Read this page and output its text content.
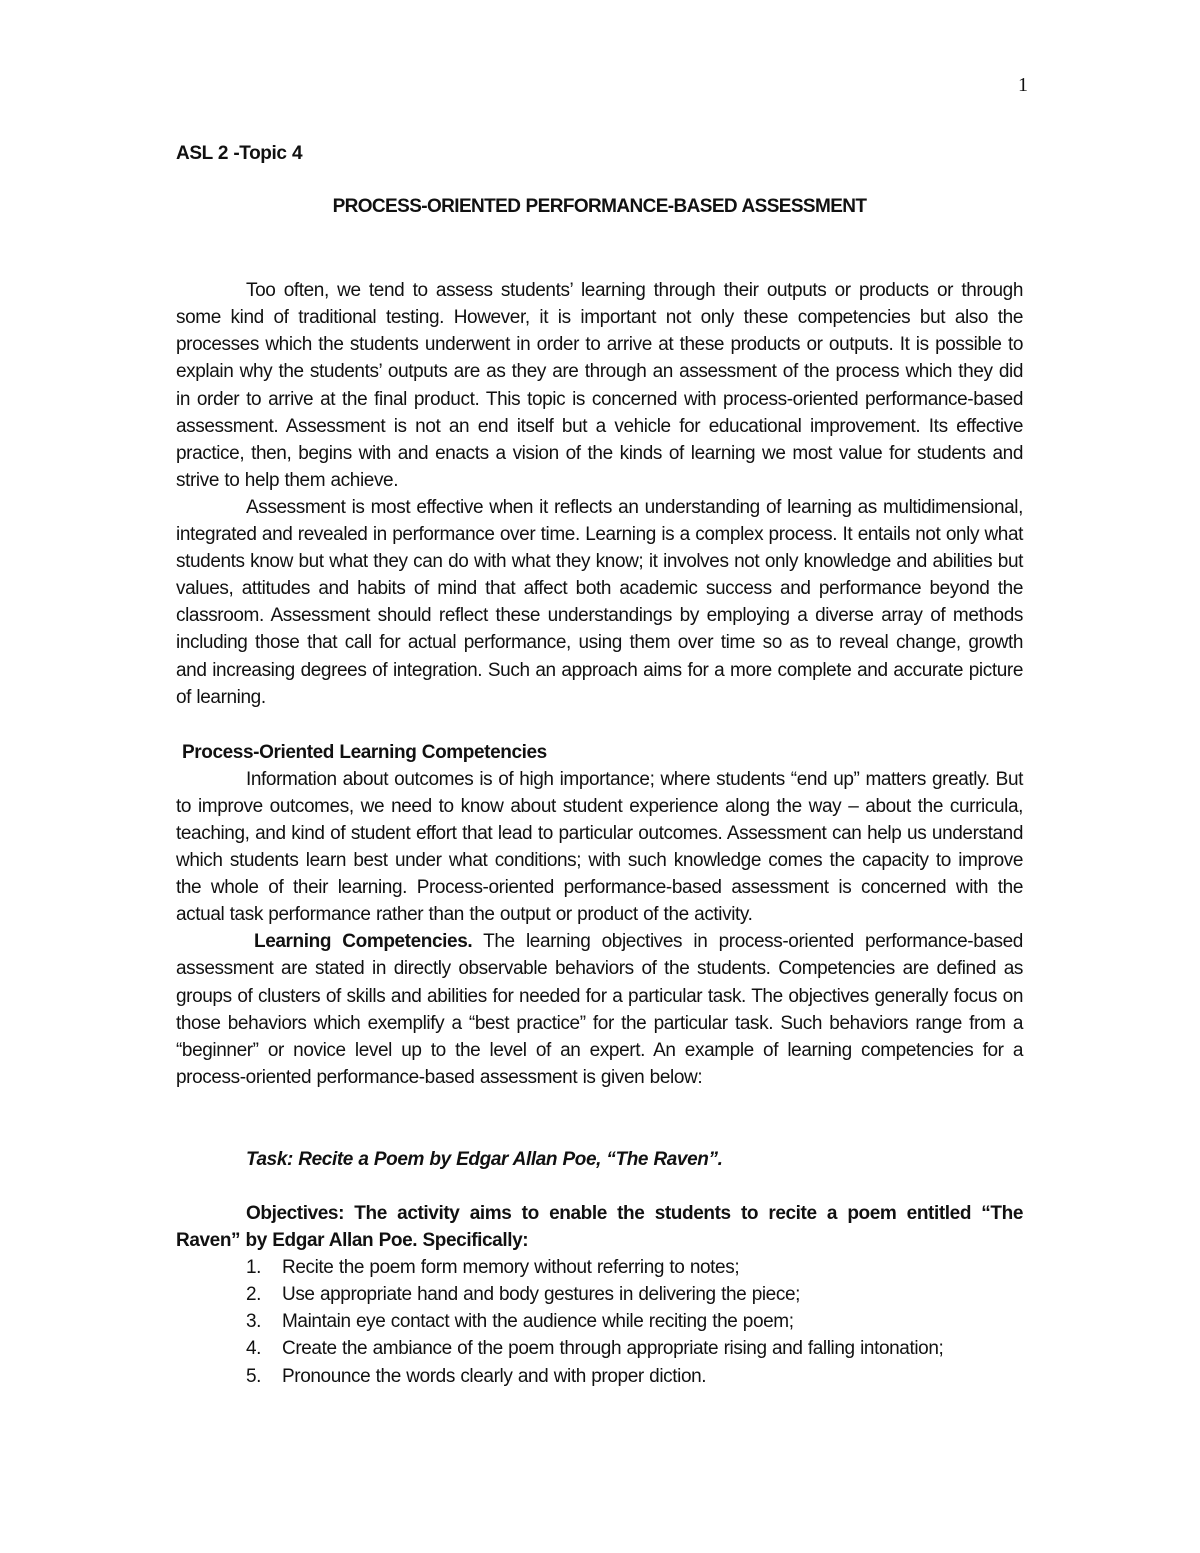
1
ASL 2 -Topic 4
PROCESS-ORIENTED PERFORMANCE-BASED ASSESSMENT

Too often, we tend to assess students’ learning through their outputs or products or through some kind of traditional testing. However, it is important not only these competencies but also the processes which the students underwent in order to arrive at these products or outputs. It is possible to explain why the students’ outputs are as they are through an assessment of the process which they did in order to arrive at the final product. This topic is concerned with process-oriented performance-based assessment. Assessment is not an end itself but a vehicle for educational improvement. Its effective practice, then, begins with and enacts a vision of the kinds of learning we most value for students and strive to help them achieve.

Assessment is most effective when it reflects an understanding of learning as multidimensional, integrated and revealed in performance over time. Learning is a complex process. It entails not only what students know but what they can do with what they know; it involves not only knowledge and abilities but values, attitudes and habits of mind that affect both academic success and performance beyond the classroom. Assessment should reflect these understandings by employing a diverse array of methods including those that call for actual performance, using them over time so as to reveal change, growth and increasing degrees of integration. Such an approach aims for a more complete and accurate picture of learning.

Process-Oriented Learning Competencies

Information about outcomes is of high importance; where students “end up” matters greatly. But to improve outcomes, we need to know about student experience along the way – about the curricula, teaching, and kind of student effort that lead to particular outcomes. Assessment can help us understand which students learn best under what conditions; with such knowledge comes the capacity to improve the whole of their learning. Process-oriented performance-based assessment is concerned with the actual task performance rather than the output or product of the activity.

Learning Competencies. The learning objectives in process-oriented performance-based assessment are stated in directly observable behaviors of the students. Competencies are defined as groups of clusters of skills and abilities for needed for a particular task. The objectives generally focus on those behaviors which exemplify a “best practice” for the particular task. Such behaviors range from a “beginner” or novice level up to the level of an expert. An example of learning competencies for a process-oriented performance-based assessment is given below:

Task: Recite a Poem by Edgar Allan Poe, “The Raven”.
Objectives: The activity aims to enable the students to recite a poem entitled “The Raven” by Edgar Allan Poe. Specifically:
1. Recite the poem form memory without referring to notes;
2. Use appropriate hand and body gestures in delivering the piece;
3. Maintain eye contact with the audience while reciting the poem;
4. Create the ambiance of the poem through appropriate rising and falling intonation;
5. Pronounce the words clearly and with proper diction.
